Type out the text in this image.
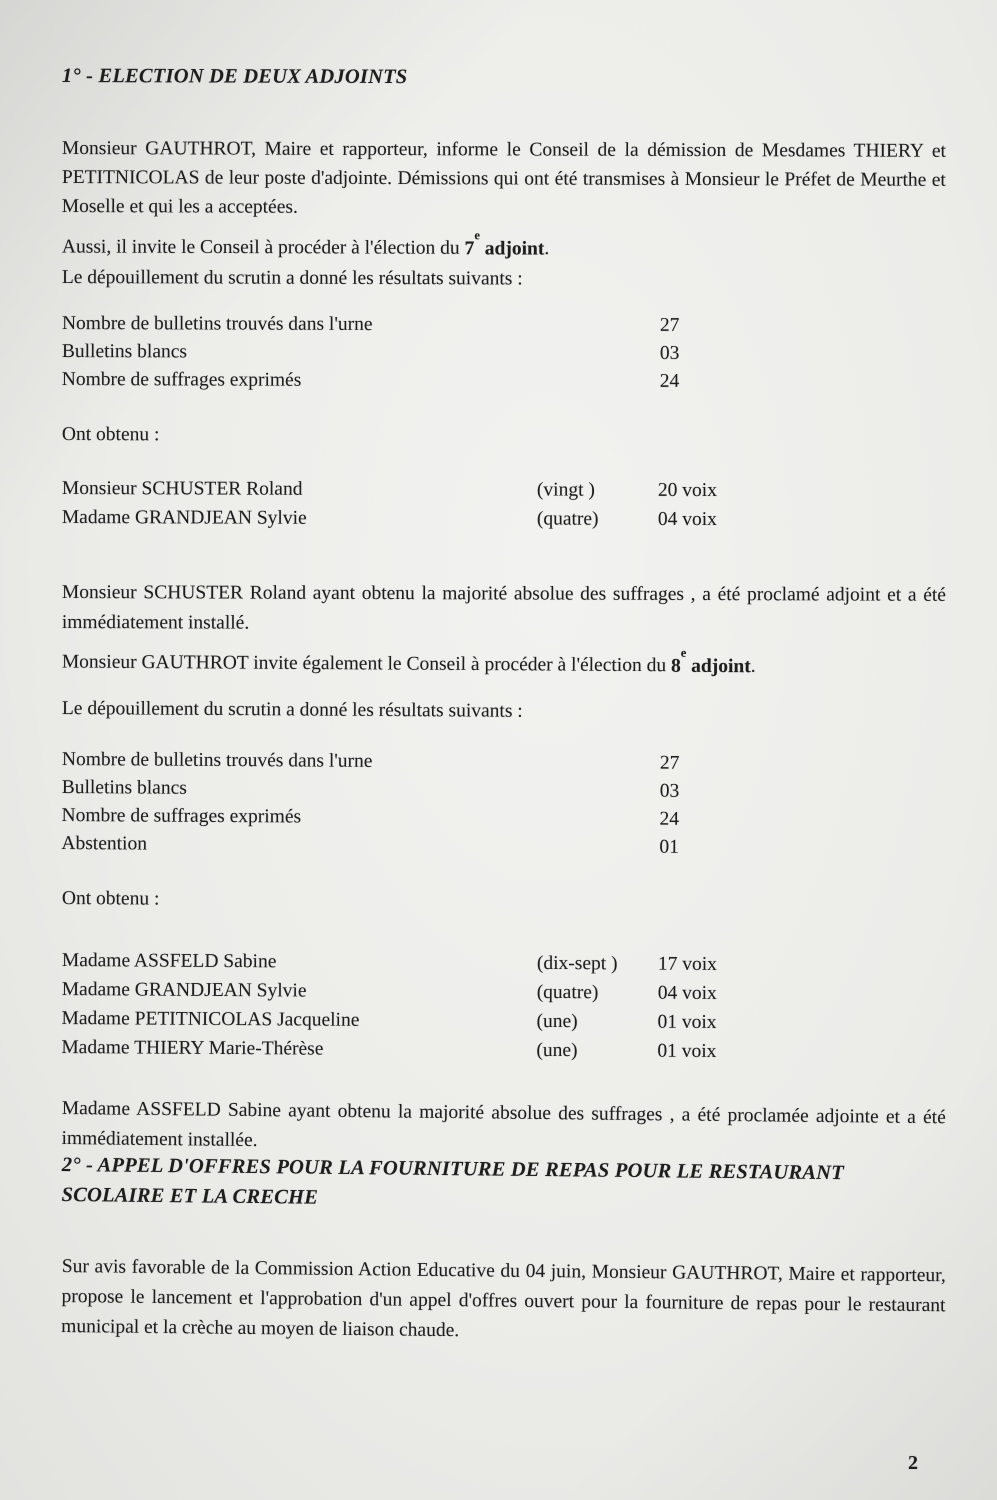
1° - ELECTION DE DEUX ADJOINTS

Monsieur GAUTHROT, Maire et rapporteur, informe le Conseil de la démission de Mesdames THIERY et PETITNICOLAS de leur poste d'adjointe. Démissions qui ont été transmises à Monsieur le Préfet de Meurthe et Moselle et qui les a acceptées.

Aussi, il invite le Conseil à procéder à l'élection du 7e adjoint.
Le dépouillement du scrutin a donné les résultats suivants :
Nombre de bulletins trouvés dans l'urne	27
Bulletins blancs	03
Nombre de suffrages exprimés	24
Ont obtenu :
Monsieur SCHUSTER Roland	(vingt )	20 voix
Madame GRANDJEAN Sylvie	(quatre)	04 voix

Monsieur SCHUSTER Roland ayant obtenu la majorité absolue des suffrages , a été proclamé adjoint et a été immédiatement installé.

Monsieur GAUTHROT invite également le Conseil à procéder à l'élection du 8e adjoint.
Le dépouillement du scrutin a donné les résultats suivants :
Nombre de bulletins trouvés dans l'urne	27
Bulletins blancs	03
Nombre de suffrages exprimés	24
Abstention	01
Ont obtenu :
Madame ASSFELD Sabine	(dix-sept ) 17 voix
Madame GRANDJEAN Sylvie	(quatre)	04 voix
Madame PETITNICOLAS Jacqueline	(une)	01 voix
Madame THIERY Marie-Thérèse	(une)	01 voix

Madame ASSFELD Sabine ayant obtenu la majorité absolue des suffrages , a été proclamée adjointe et a été immédiatement installée.

2° - APPEL D'OFFRES POUR LA FOURNITURE DE REPAS POUR LE RESTAURANT SCOLAIRE ET LA CRECHE

Sur avis favorable de la Commission Action Educative du 04 juin, Monsieur GAUTHROT, Maire et rapporteur, propose le lancement et l'approbation d'un appel d'offres ouvert pour la fourniture de repas pour le restaurant municipal et la crèche au moyen de liaison chaude.

2
